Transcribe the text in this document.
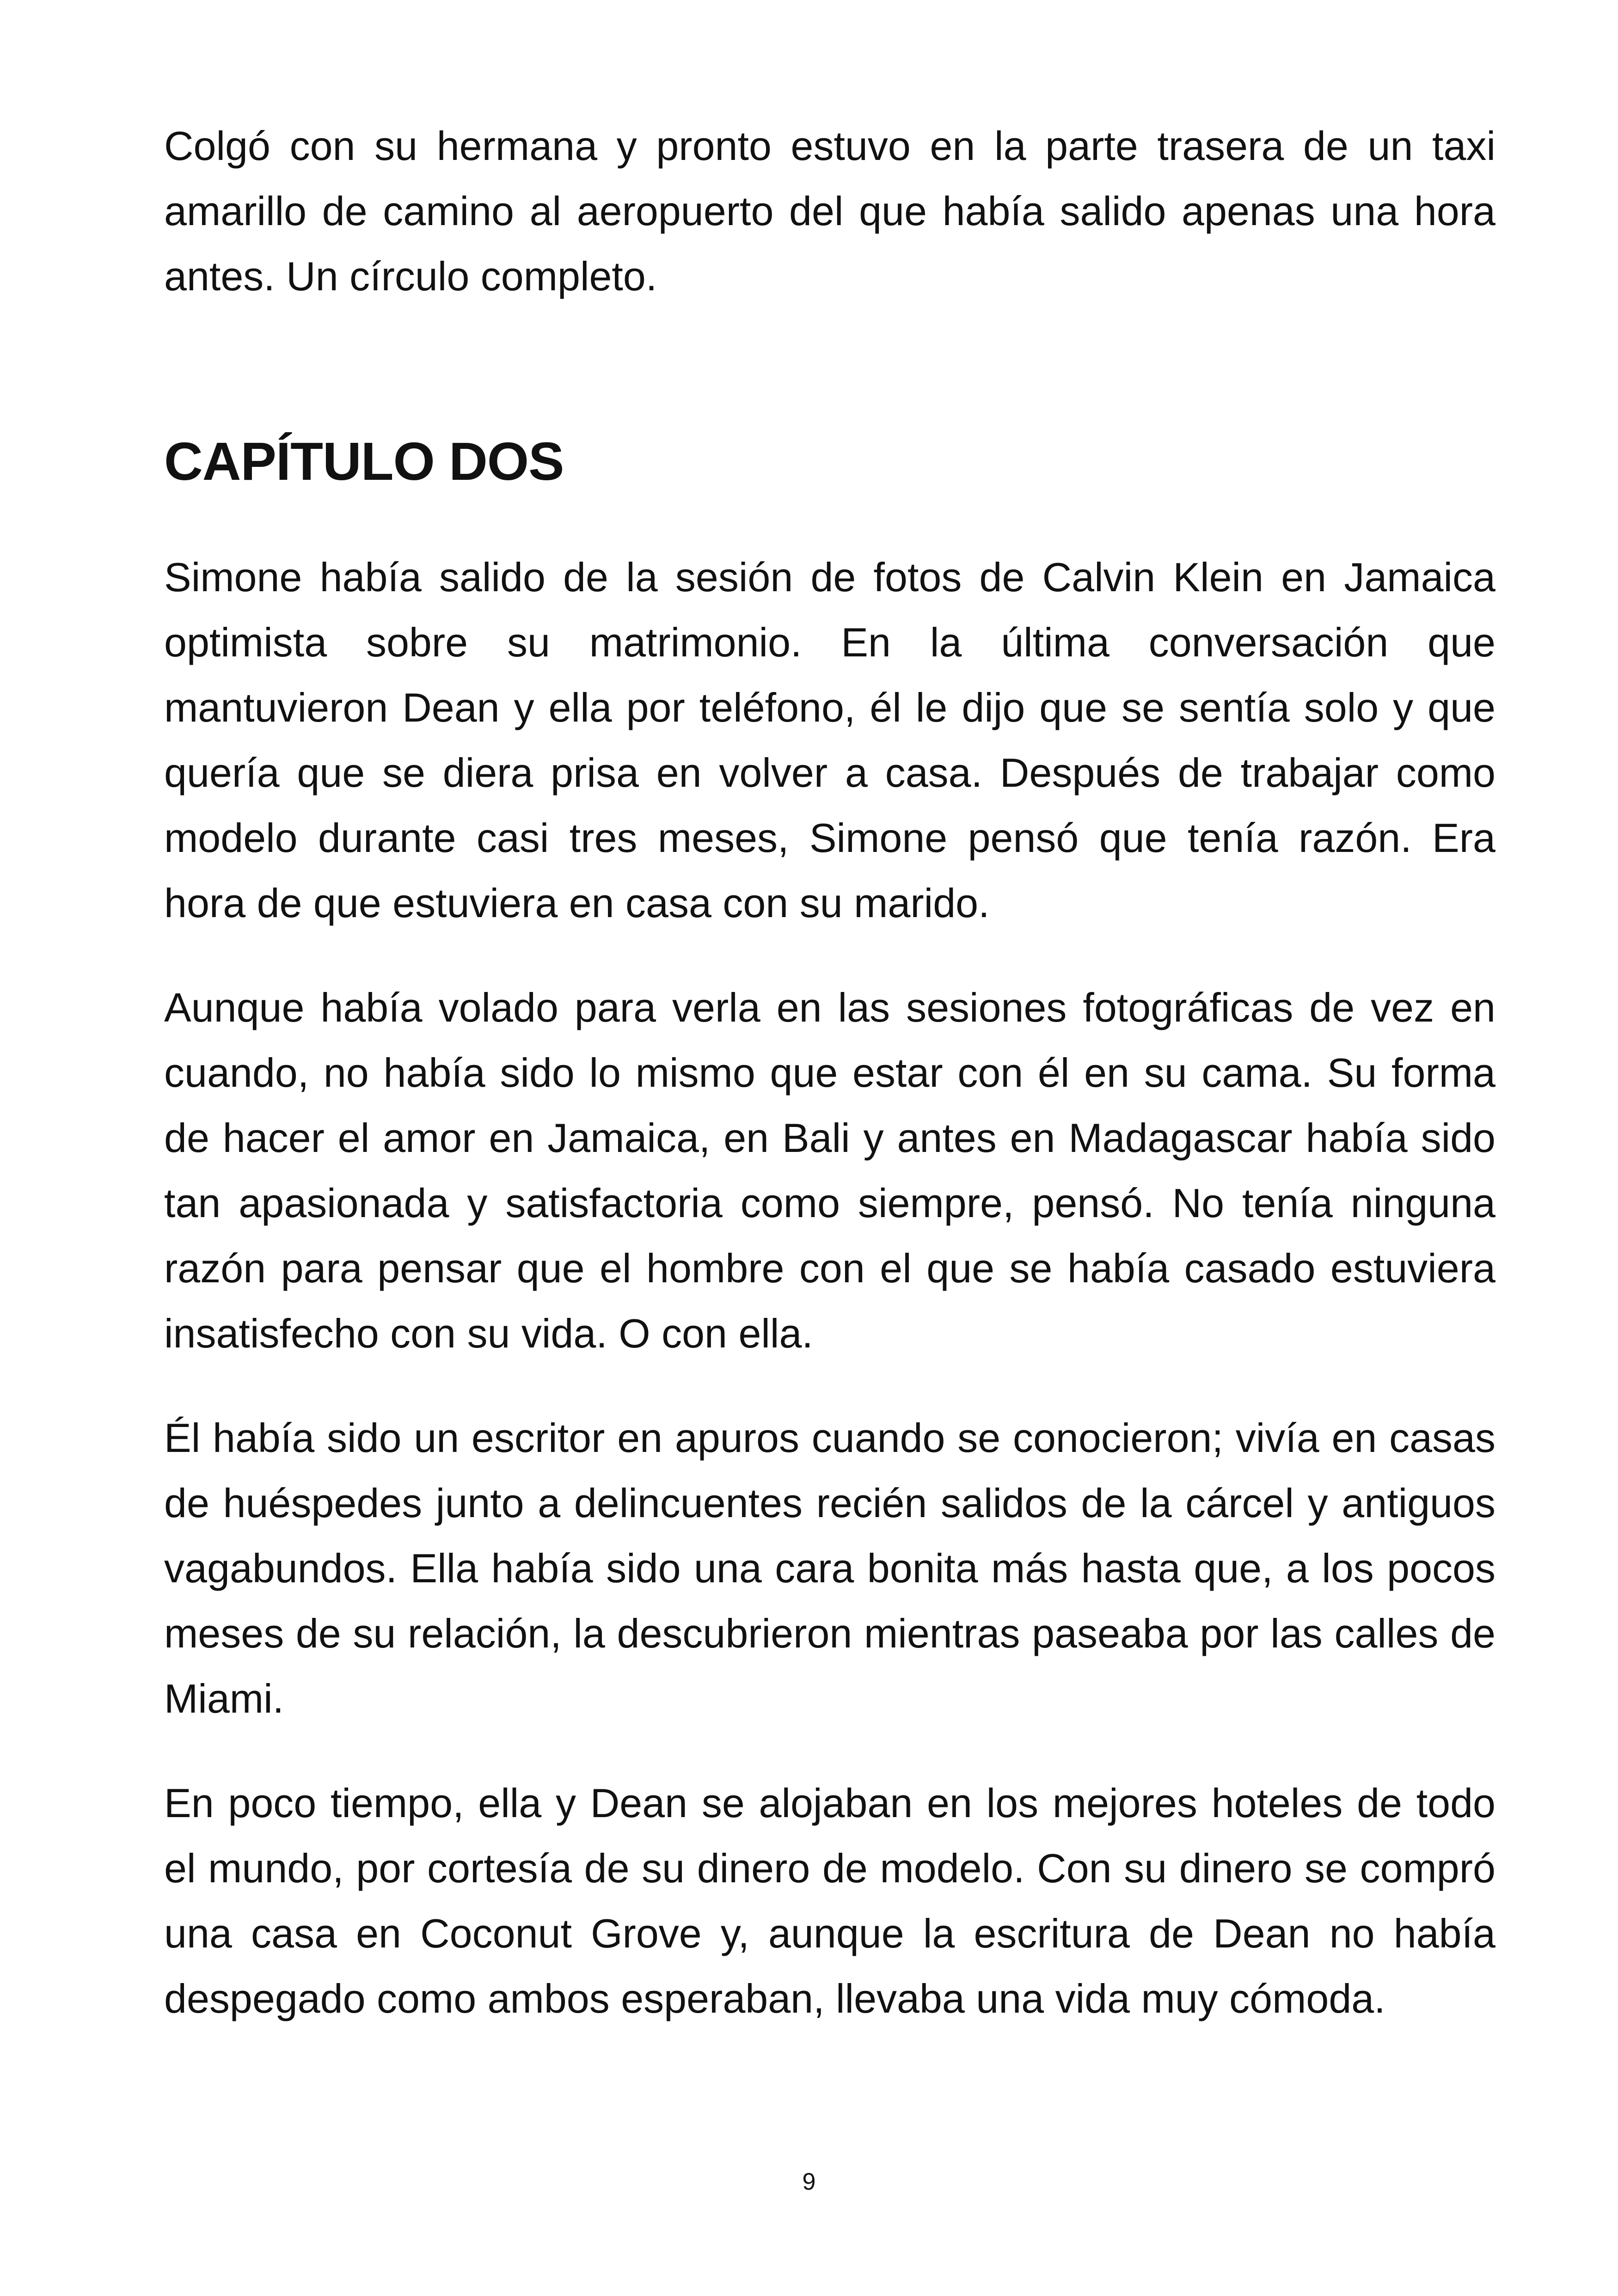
Colgó con su hermana y pronto estuvo en la parte trasera de un taxi amarillo de camino al aeropuerto del que había salido apenas una hora antes. Un círculo completo.

CAPÍTULO DOS

Simone había salido de la sesión de fotos de Calvin Klein en Jamaica optimista sobre su matrimonio. En la última conversación que mantuvieron Dean y ella por teléfono, él le dijo que se sentía solo y que quería que se diera prisa en volver a casa. Después de trabajar como modelo durante casi tres meses, Simone pensó que tenía razón. Era hora de que estuviera en casa con su marido.

Aunque había volado para verla en las sesiones fotográficas de vez en cuando, no había sido lo mismo que estar con él en su cama. Su forma de hacer el amor en Jamaica, en Bali y antes en Madagascar había sido tan apasionada y satisfactoria como siempre, pensó. No tenía ninguna razón para pensar que el hombre con el que se había casado estuviera insatisfecho con su vida. O con ella.

Él había sido un escritor en apuros cuando se conocieron; vivía en casas de huéspedes junto a delincuentes recién salidos de la cárcel y antiguos vagabundos. Ella había sido una cara bonita más hasta que, a los pocos meses de su relación, la descubrieron mientras paseaba por las calles de Miami.

En poco tiempo, ella y Dean se alojaban en los mejores hoteles de todo el mundo, por cortesía de su dinero de modelo. Con su dinero se compró una casa en Coconut Grove y, aunque la escritura de Dean no había despegado como ambos esperaban, llevaba una vida muy cómoda.

9
